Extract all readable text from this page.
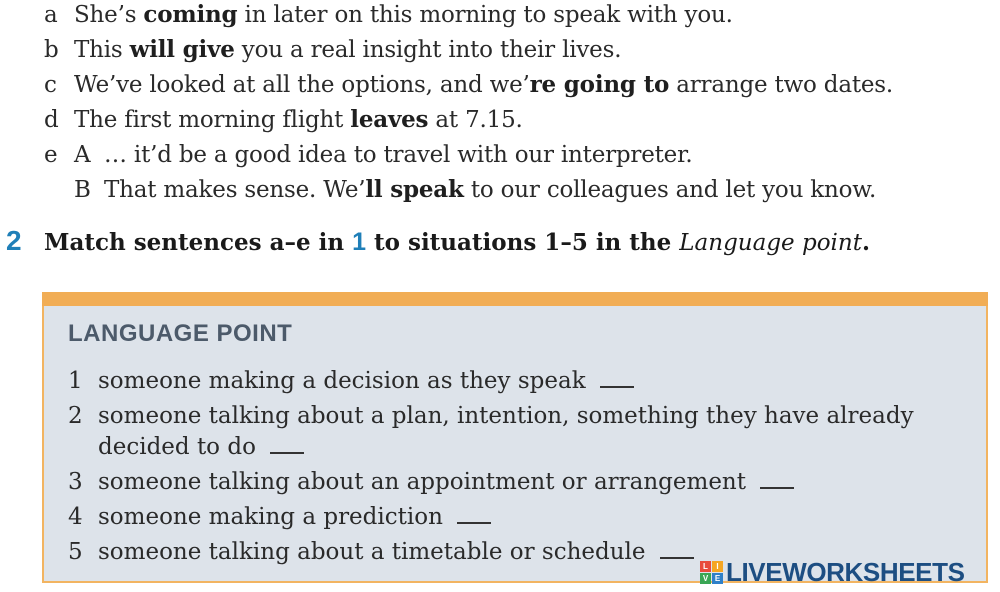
a She’s coming in later on this morning to speak with you.
b This will give you a real insight into their lives.
c We’ve looked at all the options, and we’re going to arrange two dates.
d The first morning flight leaves at 7.15.
e A … it’d be a good idea to travel with our interpreter.
B That makes sense. We’ll speak to our colleagues and let you know.
2 Match sentences a–e in 1 to situations 1–5 in the Language point.
LANGUAGE POINT
1 someone making a decision as they speak
2 someone talking about a plan, intention, something they have already
decided to do
3 someone talking about an appointment or arrangement
4 someone making a prediction
5 someone talking about a timetable or schedule
L	I
V E LIVEWORKSHEETS
